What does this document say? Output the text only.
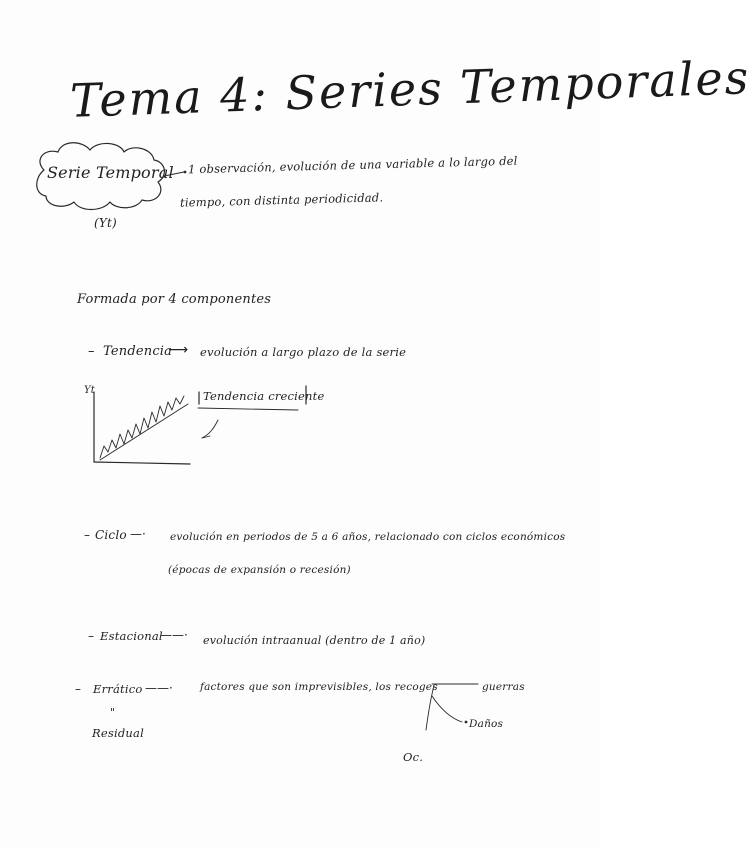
Tema 4: Series Temporales
Serie Temporal
(Yt)
1 observación, evolución de una variable a lo largo del
tiempo, con distinta periodicidad.
Formada por 4 componentes
– Tendencia
⟶ evolución a largo plazo de la serie
Yt	Tendencia creciente
– Ciclo —· evolución en periodos de 5 a 6 años, relacionado con ciclos económicos
(épocas de expansión o recesión)
– Estacional
——· evolución intraanual (dentro de 1 año)
– Errático ——·	factores que son imprevisibles, los recoges
"
Residual
guerras
Daños
Oc.
